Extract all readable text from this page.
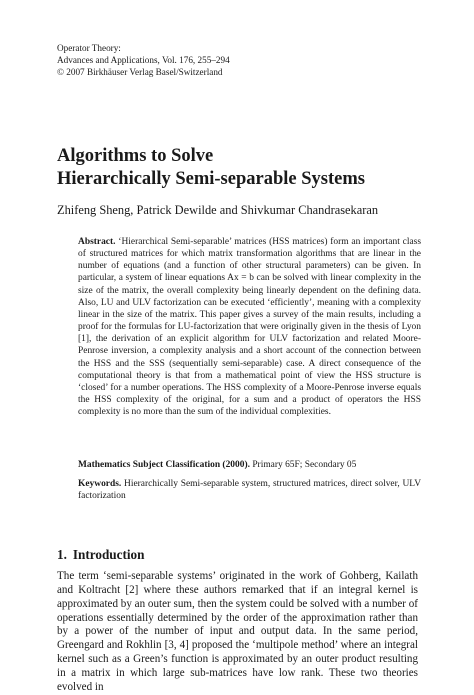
Operator Theory:
Advances and Applications, Vol. 176, 255–294
© 2007 Birkhäuser Verlag Basel/Switzerland
Algorithms to Solve
Hierarchically Semi-separable Systems
Zhifeng Sheng, Patrick Dewilde and Shivkumar Chandrasekaran
Abstract. ‘Hierarchical Semi-separable’ matrices (HSS matrices) form an important class of structured matrices for which matrix transformation algorithms that are linear in the number of equations (and a function of other structural parameters) can be given. In particular, a system of linear equations Ax = b can be solved with linear complexity in the size of the matrix, the overall complexity being linearly dependent on the defining data. Also, LU and ULV factorization can be executed ‘efficiently’, meaning with a complexity linear in the size of the matrix. This paper gives a survey of the main results, including a proof for the formulas for LU-factorization that were originally given in the thesis of Lyon [1], the derivation of an explicit algorithm for ULV factorization and related Moore-Penrose inversion, a complexity analysis and a short account of the connection between the HSS and the SSS (sequentially semi-separable) case. A direct consequence of the computational theory is that from a mathematical point of view the HSS structure is ‘closed’ for a number operations. The HSS complexity of a Moore-Penrose inverse equals the HSS complexity of the original, for a sum and a product of operators the HSS complexity is no more than the sum of the individual complexities.
Mathematics Subject Classification (2000). Primary 65F; Secondary 05
Keywords. Hierarchically Semi-separable system, structured matrices, direct solver, ULV factorization
1. Introduction
The term ‘semi-separable systems’ originated in the work of Gohberg, Kailath and Koltracht [2] where these authors remarked that if an integral kernel is approximated by an outer sum, then the system could be solved with a number of operations essentially determined by the order of the approximation rather than by a power of the number of input and output data. In the same period, Greengard and Rokhlin [3, 4] proposed the ‘multipole method’ where an integral kernel such as a Green’s function is approximated by an outer product resulting in a matrix in which large sub-matrices have low rank. These two theories evolved in
